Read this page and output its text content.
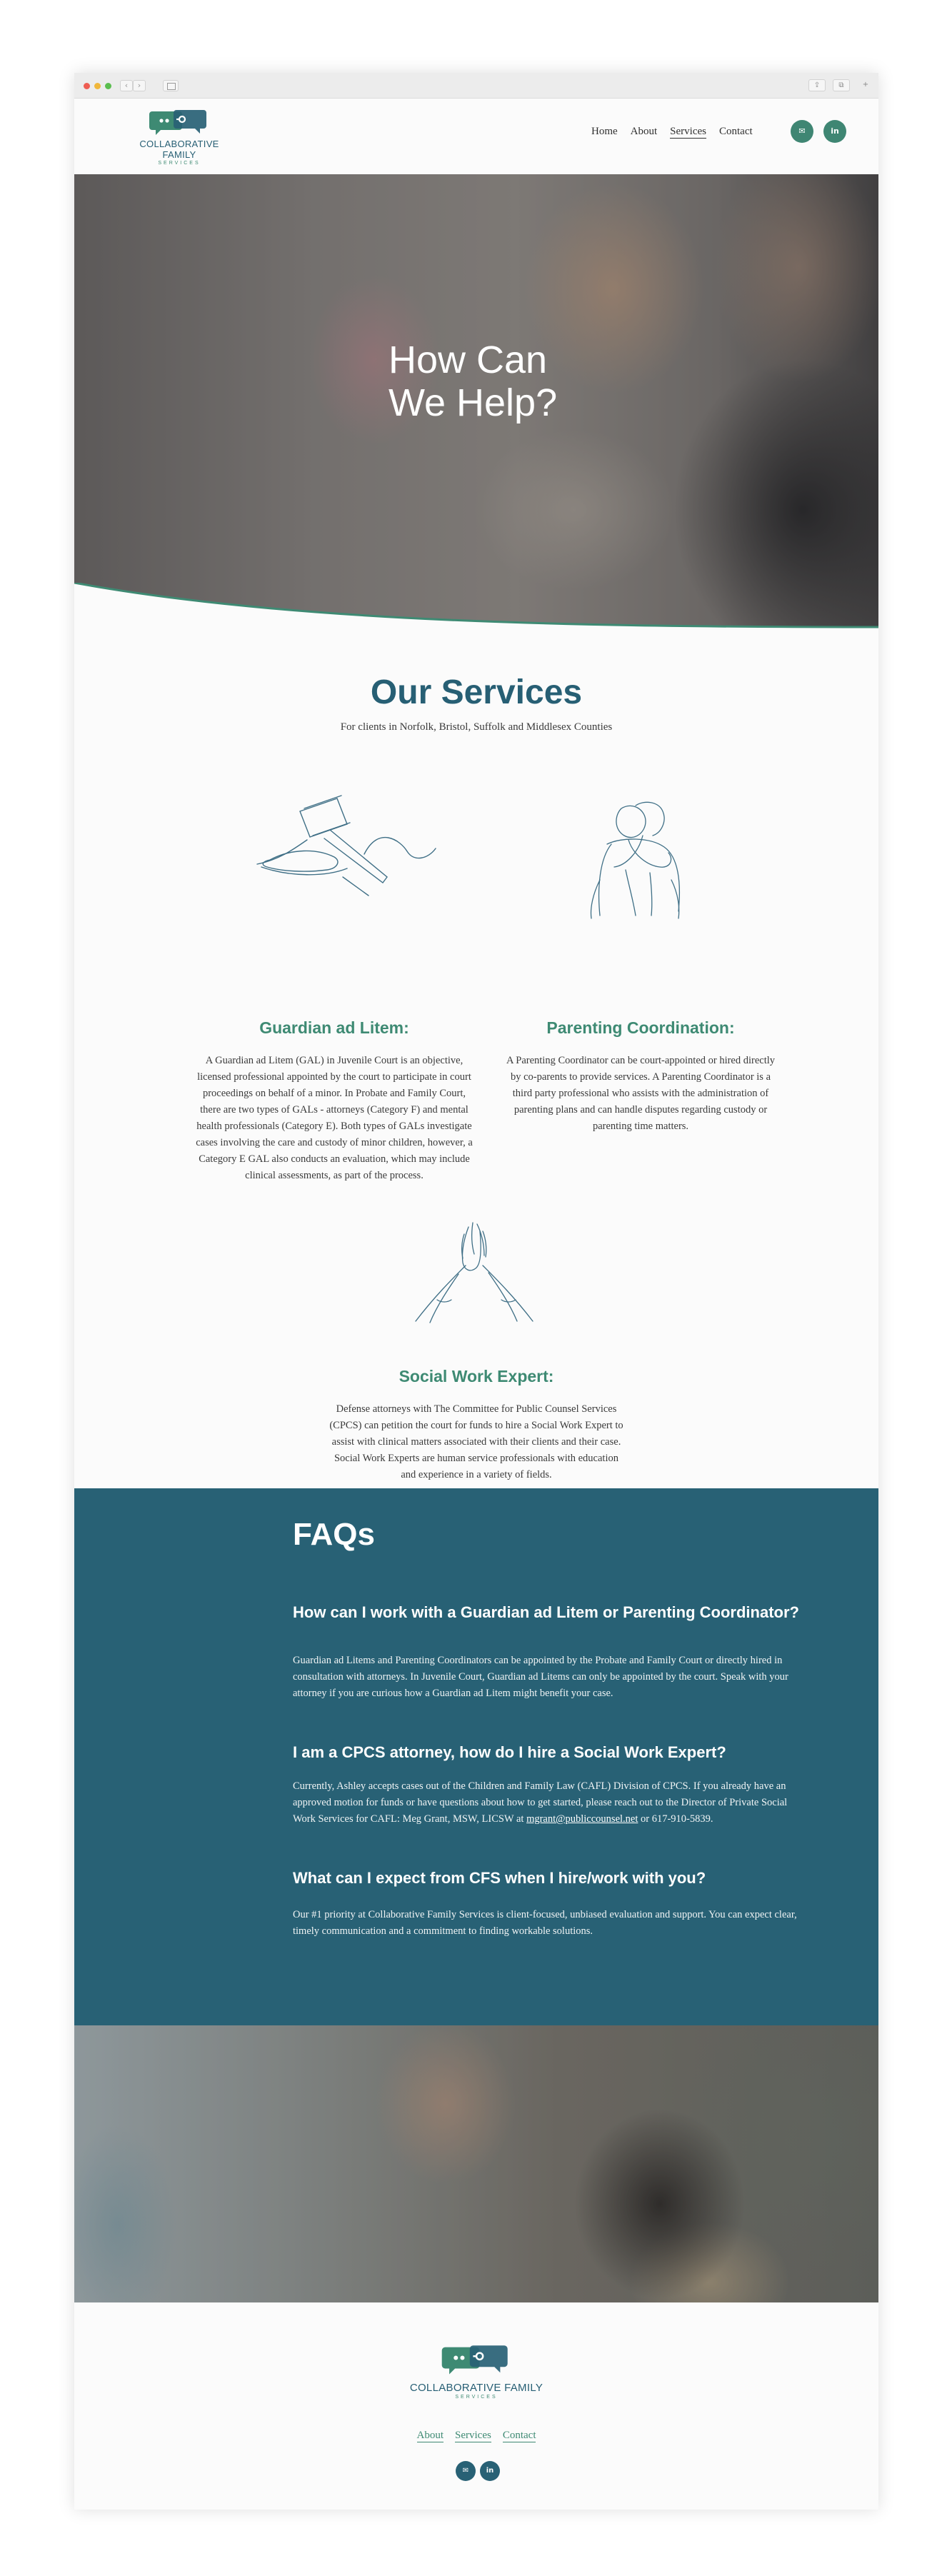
‹	›	⇪	⧉	+
COLLABORATIVE FAMILY
SERVICES
Home About Services Contact	✉	in
How Can
We Help?
Our Services

For clients in Norfolk, Bristol, Suffolk and Middlesex Counties

Guardian ad Litem:

A Guardian ad Litem (GAL) in Juvenile Court is an objective, licensed professional appointed by the court to participate in court proceedings on behalf of a minor. In Probate and Family Court, there are two types of GALs - attorneys (Category F) and mental health professionals (Category E). Both types of GALs investigate cases involving the care and custody of minor children, however, a Category E GAL also conducts an evaluation, which may include clinical assessments, as part of the process.

Parenting Coordination:

A Parenting Coordinator can be court-appointed or hired directly by co-parents to provide services. A Parenting Coordinator is a third party professional who assists with the administration of parenting plans and can handle disputes regarding custody or parenting time matters.

Social Work Expert:

Defense attorneys with The Committee for Public Counsel Services (CPCS) can petition the court for funds to hire a Social Work Expert to assist with clinical matters associated with their clients and their case. Social Work Experts are human service professionals with education and experience in a variety of fields.

FAQs
How can I work with a Guardian ad Litem or Parenting Coordinator?

Guardian ad Litems and Parenting Coordinators can be appointed by the Probate and Family Court or directly hired in consultation with attorneys. In Juvenile Court, Guardian ad Litems can only be appointed by the court. Speak with your attorney if you are curious how a Guardian ad Litem might benefit your case.

I am a CPCS attorney, how do I hire a Social Work Expert?

Currently, Ashley accepts cases out of the Children and Family Law (CAFL) Division of CPCS. If you already have an approved motion for funds or have questions about how to get started, please reach out to the Director of Private Social Work Services for CAFL: Meg Grant, MSW, LICSW at mgrant@publiccounsel.net or 617-910-5839.

What can I expect from CFS when I hire/work with you?

Our #1 priority at Collaborative Family Services is client-focused, unbiased evaluation and support. You can expect clear, timely communication and a commitment to finding workable solutions.

COLLABORATIVE FAMILY
SERVICES
About Services Contact
✉	in
